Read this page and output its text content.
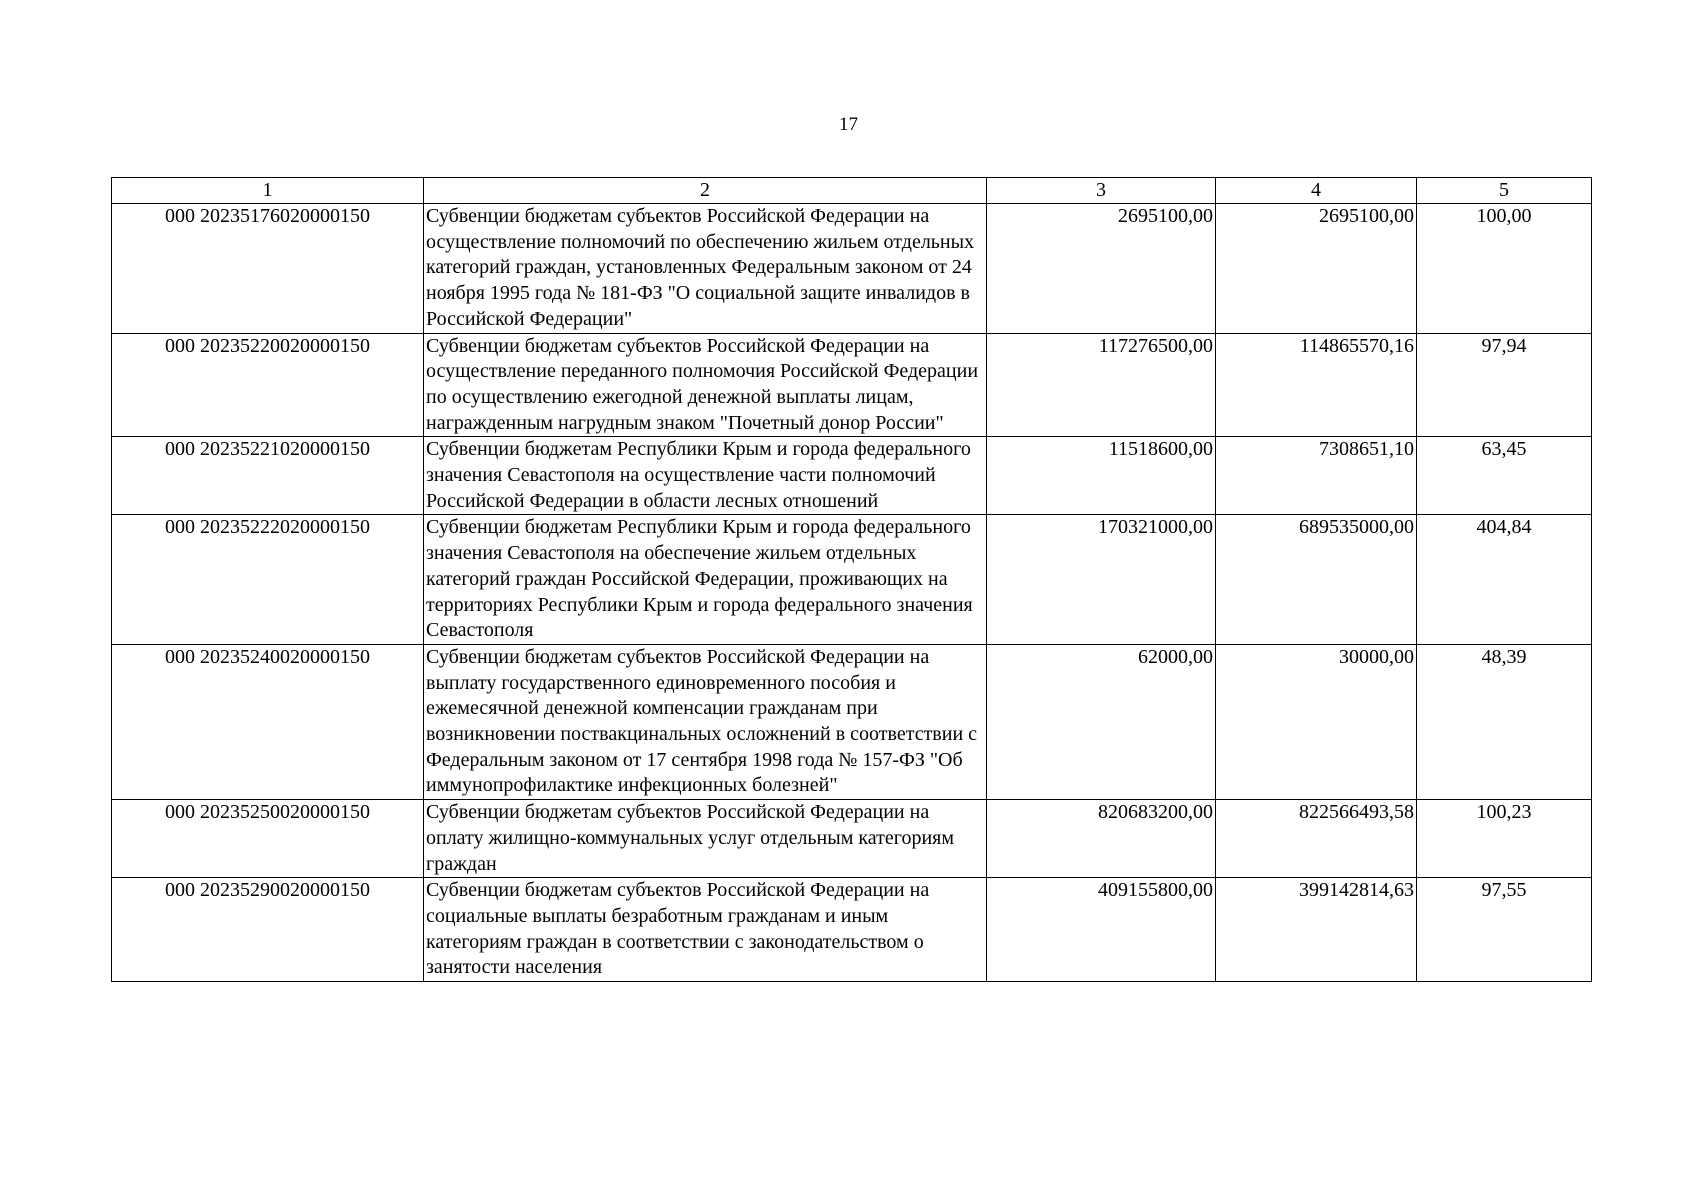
17
1	2	3	4	5
000 20235176020000150	Субвенции бюджетам субъектов Российской Федерации на осуществление полномочий по обеспечению жильем отдельных категорий граждан, установленных Федеральным законом от 24 ноября 1995 года № 181-ФЗ "О социальной защите инвалидов в Российской Федерации"	2695100,00	2695100,00	100,00
000 20235220020000150	Субвенции бюджетам субъектов Российской Федерации на осуществление переданного полномочия Российской Федерации по осуществлению ежегодной денежной выплаты лицам, награжденным нагрудным знаком "Почетный донор России"	117276500,00	114865570,16	97,94
000 20235221020000150	Субвенции бюджетам Республики Крым и города федерального значения Севастополя на осуществление части полномочий Российской Федерации в области лесных отношений	11518600,00	7308651,10	63,45
000 20235222020000150	Субвенции бюджетам Республики Крым и города федерального значения Севастополя на обеспечение жильем отдельных категорий граждан Российской Федерации, проживающих на территориях Республики Крым и города федерального значения Севастополя	170321000,00	689535000,00	404,84
000 20235240020000150	Субвенции бюджетам субъектов Российской Федерации на выплату государственного единовременного пособия и ежемесячной денежной компенсации гражданам при возникновении поствакцинальных осложнений в соответствии с Федеральным законом от 17 сентября 1998 года № 157-ФЗ "Об иммунопрофилактике инфекционных болезней"	62000,00	30000,00	48,39
000 20235250020000150	Субвенции бюджетам субъектов Российской Федерации на оплату жилищно-коммунальных услуг отдельным категориям граждан	820683200,00	822566493,58	100,23
000 20235290020000150	Субвенции бюджетам субъектов Российской Федерации на социальные выплаты безработным гражданам и иным категориям граждан в соответствии с законодательством о занятости населения	409155800,00	399142814,63	97,55
